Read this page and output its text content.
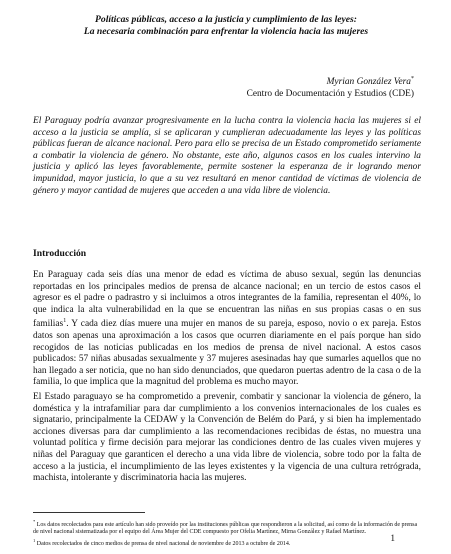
Políticas públicas, acceso a la justicia y cumplimiento de las leyes:
La necesaria combinación para enfrentar la violencia hacia las mujeres
Myrian González Vera*
Centro de Documentación y Estudios (CDE)
El Paraguay podría avanzar progresivamente en la lucha contra la violencia hacia las mujeres si el acceso a la justicia se amplía, si se aplicaran y cumplieran adecuadamente las leyes y las políticas públicas fueran de alcance nacional. Pero para ello se precisa de un Estado comprometido seriamente a combatir la violencia de género. No obstante, este año, algunos casos en los cuales intervino la justicia y aplicó las leyes favorablemente, permite sostener la esperanza de ir logrando menor impunidad, mayor justicia, lo que a su vez resultará en menor cantidad de víctimas de violencia de género y mayor cantidad de mujeres que acceden a una vida libre de violencia.
Introducción
En Paraguay cada seis días una menor de edad es víctima de abuso sexual, según las denuncias reportadas en los principales medios de prensa de alcance nacional; en un tercio de estos casos el agresor es el padre o padrastro y si incluimos a otros integrantes de la familia, representan el 40%, lo que indica la alta vulnerabilidad en la que se encuentran las niñas en sus propias casas o en sus familias$^1$. Y cada diez días muere una mujer en manos de su pareja, esposo, novio o ex pareja. Estos datos son apenas una aproximación a los casos que ocurren diariamente en el país porque han sido recogidos de las noticias publicadas en los medios de prensa de nivel nacional. A estos casos publicados: 57 niñas abusadas sexualmente y 37 mujeres asesinadas hay que sumarles aquellos que no han llegado a ser noticia, que no han sido denunciados, que quedaron puertas adentro de la casa o de la familia, lo que implica que la magnitud del problema es mucho mayor.
El Estado paraguayo se ha comprometido a prevenir, combatir y sancionar la violencia de género, la doméstica y la intrafamiliar para dar cumplimiento a los convenios internacionales de los cuales es signatario, principalmente la CEDAW y la Convención de Belém do Pará, y si bien ha implementado acciones diversas para dar cumplimiento a las recomendaciones recibidas de éstas, no muestra una voluntad política y firme decisión para mejorar las condiciones dentro de las cuales viven mujeres y niñas del Paraguay que garanticen el derecho a una vida libre de violencia, sobre todo por la falta de acceso a la justicia, el incumplimiento de las leyes existentes y la vigencia de una cultura retrógrada, machista, intolerante y discriminatoria hacia las mujeres.
* Los datos recolectados para este artículo han sido proveído por las instituciones públicas que respondieron a la solicitud, así como de la información de prensa de nivel nacional sistematizada por el equipo del Área Mujer del CDE compuesto por Ofelia Martínez, Mirna González y Rafael Martínez.
$^1$ Datos recolectados de cinco medios de prensa de nivel nacional de noviembre de 2013 a octubre de 2014.	1
